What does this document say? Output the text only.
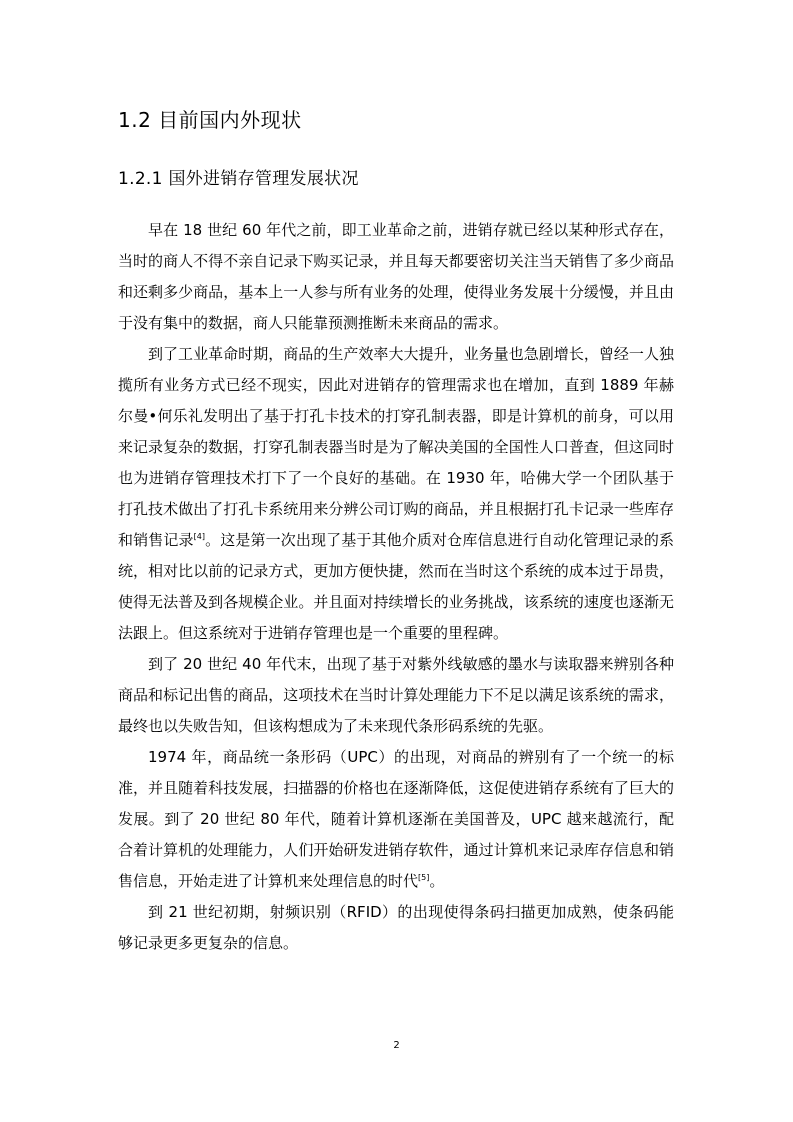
1.2 目前国内外现状
1.2.1 国外进销存管理发展状况

早在 18 世纪 60 年代之前，即工业革命之前，进销存就已经以某种形式存在，当时的商人不得不亲自记录下购买记录，并且每天都要密切关注当天销售了多少商品和还剩多少商品，基本上一人参与所有业务的处理，使得业务发展十分缓慢，并且由于没有集中的数据，商人只能靠预测推断未来商品的需求。

到了工业革命时期，商品的生产效率大大提升，业务量也急剧增长，曾经一人独揽所有业务方式已经不现实，因此对进销存的管理需求也在增加，直到 1889 年赫尔曼•何乐礼发明出了基于打孔卡技术的打穿孔制表器，即是计算机的前身，可以用来记录复杂的数据，打穿孔制表器当时是为了解决美国的全国性人口普查，但这同时也为进销存管理技术打下了一个良好的基础。在 1930 年，哈佛大学一个团队基于打孔技术做出了打孔卡系统用来分辨公司订购的商品，并且根据打孔卡记录一些库存和销售记录[4]。这是第一次出现了基于其他介质对仓库信息进行自动化管理记录的系统，相对比以前的记录方式，更加方便快捷，然而在当时这个系统的成本过于昂贵，使得无法普及到各规模企业。并且面对持续增长的业务挑战，该系统的速度也逐渐无法跟上。但这系统对于进销存管理也是一个重要的里程碑。

到了 20 世纪 40 年代末，出现了基于对紫外线敏感的墨水与读取器来辨别各种商品和标记出售的商品，这项技术在当时计算处理能力下不足以满足该系统的需求，最终也以失败告知，但该构想成为了未来现代条形码系统的先驱。

1974 年，商品统一条形码（UPC）的出现，对商品的辨别有了一个统一的标准，并且随着科技发展，扫描器的价格也在逐渐降低，这促使进销存系统有了巨大的发展。到了 20 世纪 80 年代，随着计算机逐渐在美国普及，UPC 越来越流行，配合着计算机的处理能力，人们开始研发进销存软件，通过计算机来记录库存信息和销售信息，开始走进了计算机来处理信息的时代[5]。

到 21 世纪初期，射频识别（RFID）的出现使得条码扫描更加成熟，使条码能够记录更多更复杂的信息。

2
